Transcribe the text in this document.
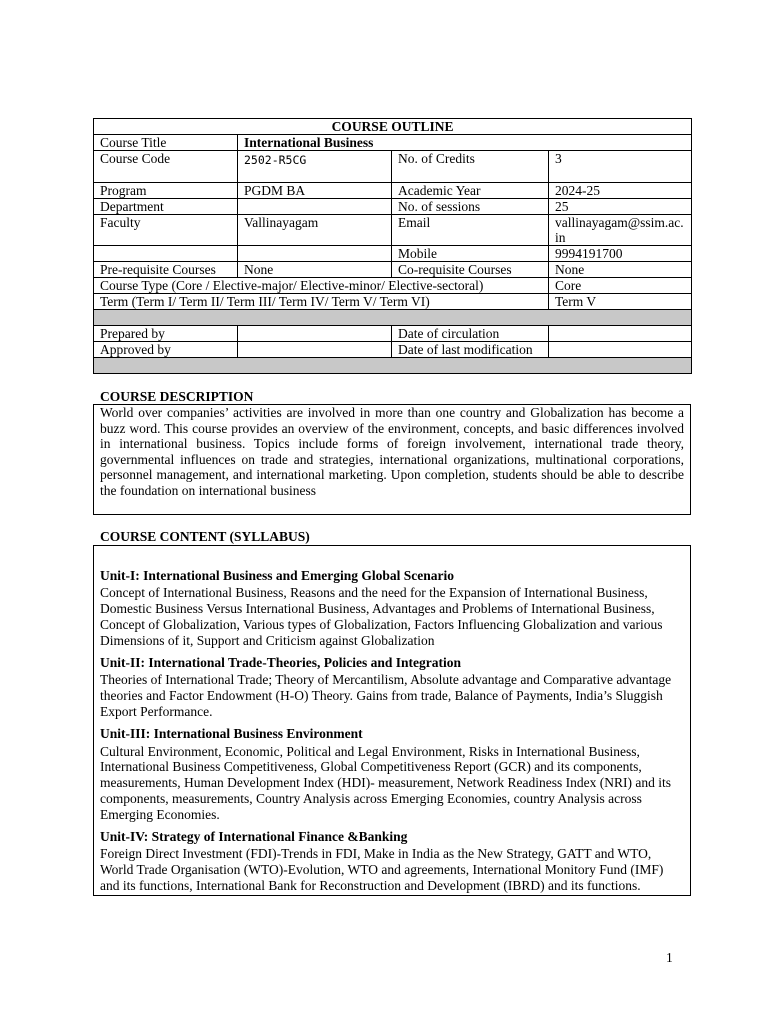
COURSE OUTLINE			
Course Title	International Business		
Course Code	2502-R5CG	No. of Credits	3
Program	PGDM BA	Academic Year	2024-25
Department		No. of sessions	25
Faculty	Vallinayagam	Email	vallinayagam@ssim.ac.in
		Mobile	9994191700
Pre-requisite Courses	None	Co-requisite Courses	None
Course Type (Core / Elective-major/ Elective-minor/ Elective-sectoral)			Core
Term (Term I/ Term II/ Term III/ Term IV/ Term V/ Term VI)			Term V

Prepared by		Date of circulation	
Approved by		Date of last modification	

COURSE DESCRIPTION
World over companies’ activities are involved in more than one country and Globalization has become a buzz word. This course provides an overview of the environment, concepts, and basic differences involved in international business. Topics include forms of foreign involvement, international trade theory, governmental influences on trade and strategies, international organizations, multinational corporations, personnel management, and international marketing. Upon completion, students should be able to describe the foundation on international business
COURSE CONTENT (SYLLABUS)
Unit-I: International Business and Emerging Global Scenario
Concept of International Business, Reasons and the need for the Expansion of International Business, Domestic Business Versus International Business, Advantages and Problems of International Business, Concept of Globalization, Various types of Globalization, Factors Influencing Globalization and various Dimensions of it, Support and Criticism against Globalization
Unit-II: International Trade-Theories, Policies and Integration
Theories of International Trade; Theory of Mercantilism, Absolute advantage and Comparative advantage theories and Factor Endowment (H-O) Theory. Gains from trade, Balance of Payments, India’s Sluggish Export Performance.
Unit-III: International Business Environment
Cultural Environment, Economic, Political and Legal Environment, Risks in International Business, International Business Competitiveness, Global Competitiveness Report (GCR) and its components, measurements, Human Development Index (HDI)- measurement, Network Readiness Index (NRI) and its components, measurements, Country Analysis across Emerging Economies, country Analysis across Emerging Economies.
Unit-IV: Strategy of International Finance &Banking
Foreign Direct Investment (FDI)-Trends in FDI, Make in India as the New Strategy, GATT and WTO, World Trade Organisation (WTO)-Evolution, WTO and agreements, International Monitory Fund (IMF) and its functions, International Bank for Reconstruction and Development (IBRD) and its functions.
1
